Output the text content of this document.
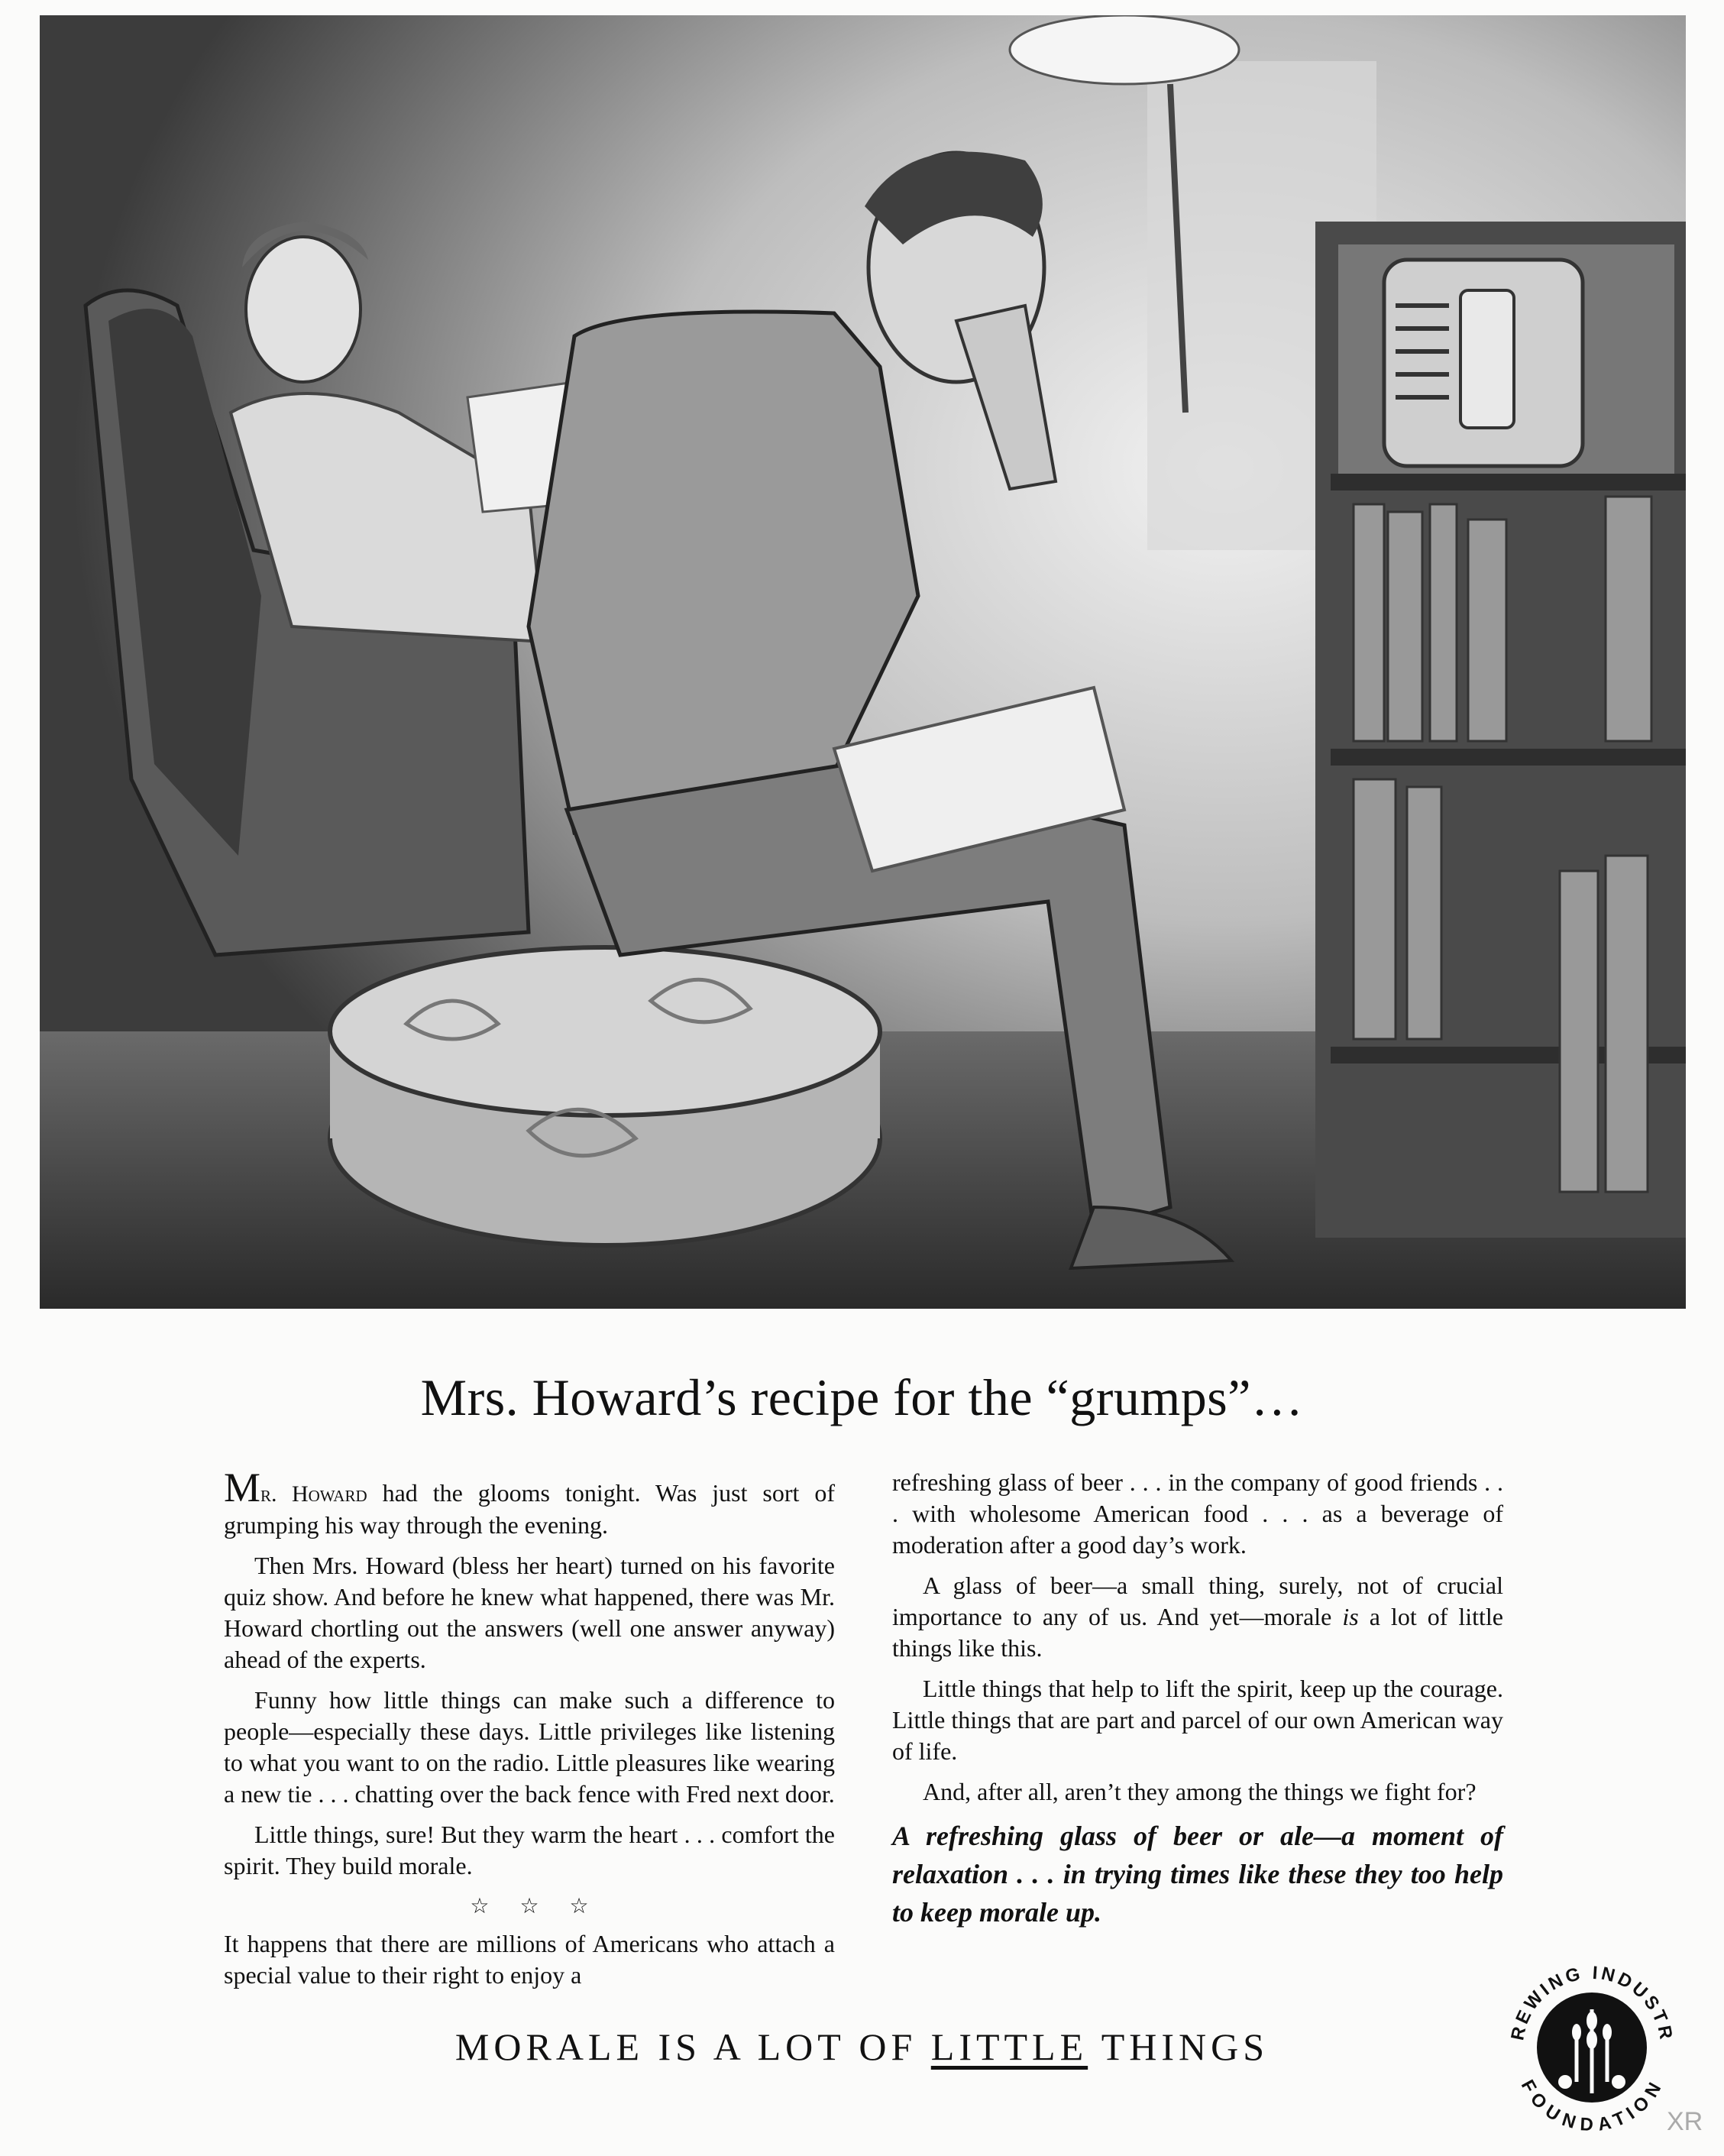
Mrs. Howard’s recipe for the “grumps”…

Mr. Howard had the glooms tonight. Was just sort of grumping his way through the evening.

Then Mrs. Howard (bless her heart) turned on his favorite quiz show. And before he knew what happened, there was Mr. Howard chortling out the answers (well one answer anyway) ahead of the experts.

Funny how little things can make such a difference to people—especially these days. Little privileges like listening to what you want to on the radio. Little pleasures like wearing a new tie . . . chatting over the back fence with Fred next door.

Little things, sure! But they warm the heart . . . comfort the spirit. They build morale.

☆☆☆

It happens that there are millions of Americans who attach a special value to their right to enjoy a

refreshing glass of beer . . . in the company of good friends . . . with wholesome American food . . . as a beverage of moderation after a good day’s work.

A glass of beer—a small thing, surely, not of crucial importance to any of us. And yet—morale is a lot of little things like this.

Little things that help to lift the spirit, keep up the courage. Little things that are part and parcel of our own American way of life.

And, after all, aren’t they among the things we fight for?

A refreshing glass of beer or ale—a moment of relaxation . . . in trying times like these they too help to keep morale up.

MORALE IS A LOT OF LITTLE THINGS	REWING INDUSTR
FOUNDATION
XR
